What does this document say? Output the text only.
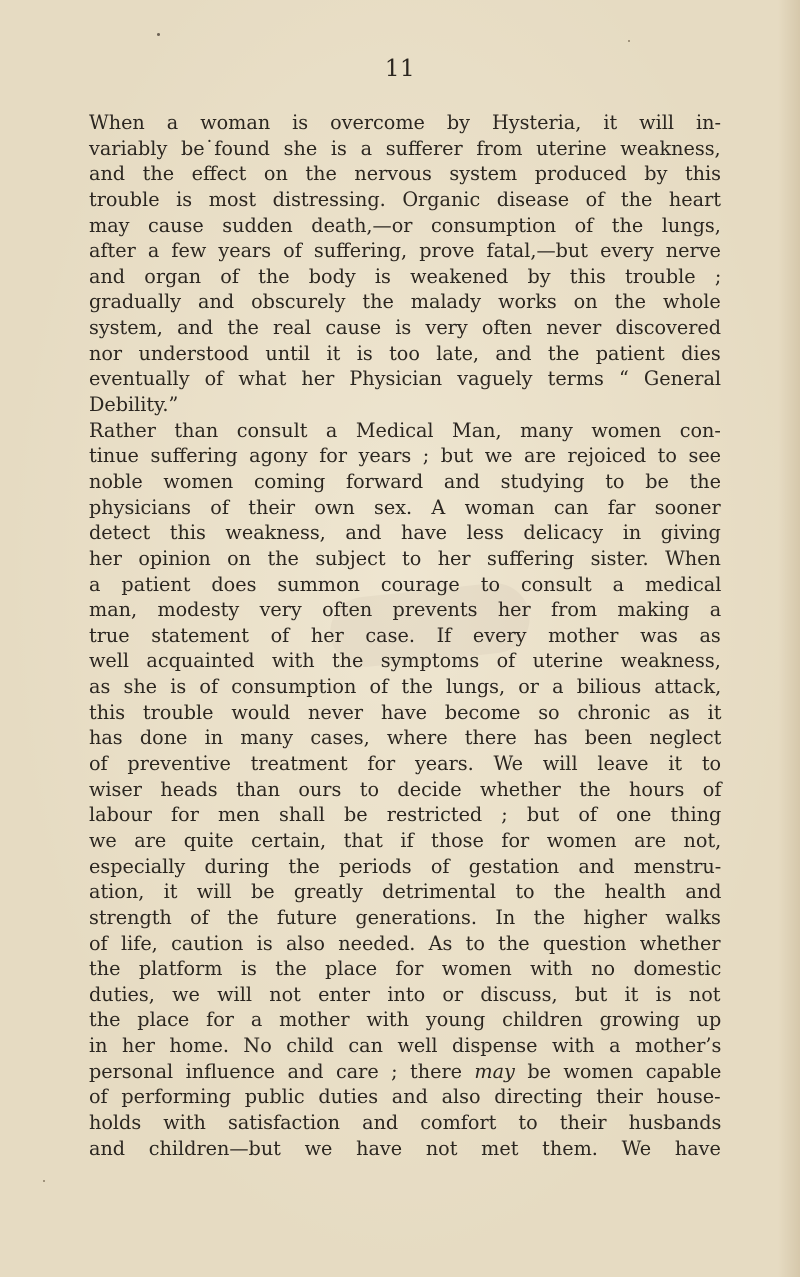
11
When a woman is overcome by Hysteria, it will in-
variably be˙found she is a sufferer from uterine weakness,
and the effect on the nervous system produced by this
trouble is most distressing. Organic disease of the heart
may cause sudden death,—or consumption of the lungs,
after a few years of suffering, prove fatal,—but every nerve
and organ of the body is weakened by this trouble ;
gradually and obscurely the malady works on the whole
system, and the real cause is very often never discovered
nor understood until it is too late, and the patient dies
eventually of what her Physician vaguely terms “ General
Debility.”
Rather than consult a Medical Man, many women con-
tinue suffering agony for years ; but we are rejoiced to see
noble women coming forward and studying to be the
physicians of their own sex. A woman can far sooner
detect this weakness, and have less delicacy in giving
her opinion on the subject to her suffering sister. When
a patient does summon courage to consult a medical
man, modesty very often prevents her from making a
true statement of her case. If every mother was as
well acquainted with the symptoms of uterine weakness,
as she is of consumption of the lungs, or a bilious attack,
this trouble would never have become so chronic as it
has done in many cases, where there has been neglect
of preventive treatment for years. We will leave it to
wiser heads than ours to decide whether the hours of
labour for men shall be restricted ; but of one thing
we are quite certain, that if those for women are not,
especially during the periods of gestation and menstru-
ation, it will be greatly detrimental to the health and
strength of the future generations. In the higher walks
of life, caution is also needed. As to the question whether
the platform is the place for women with no domestic
duties, we will not enter into or discuss, but it is not
the place for a mother with young children growing up
in her home. No child can well dispense with a mother’s
personal influence and care ; there may be women capable
of performing public duties and also directing their house-
holds with satisfaction and comfort to their husbands
and children—but we have not met them. We have
